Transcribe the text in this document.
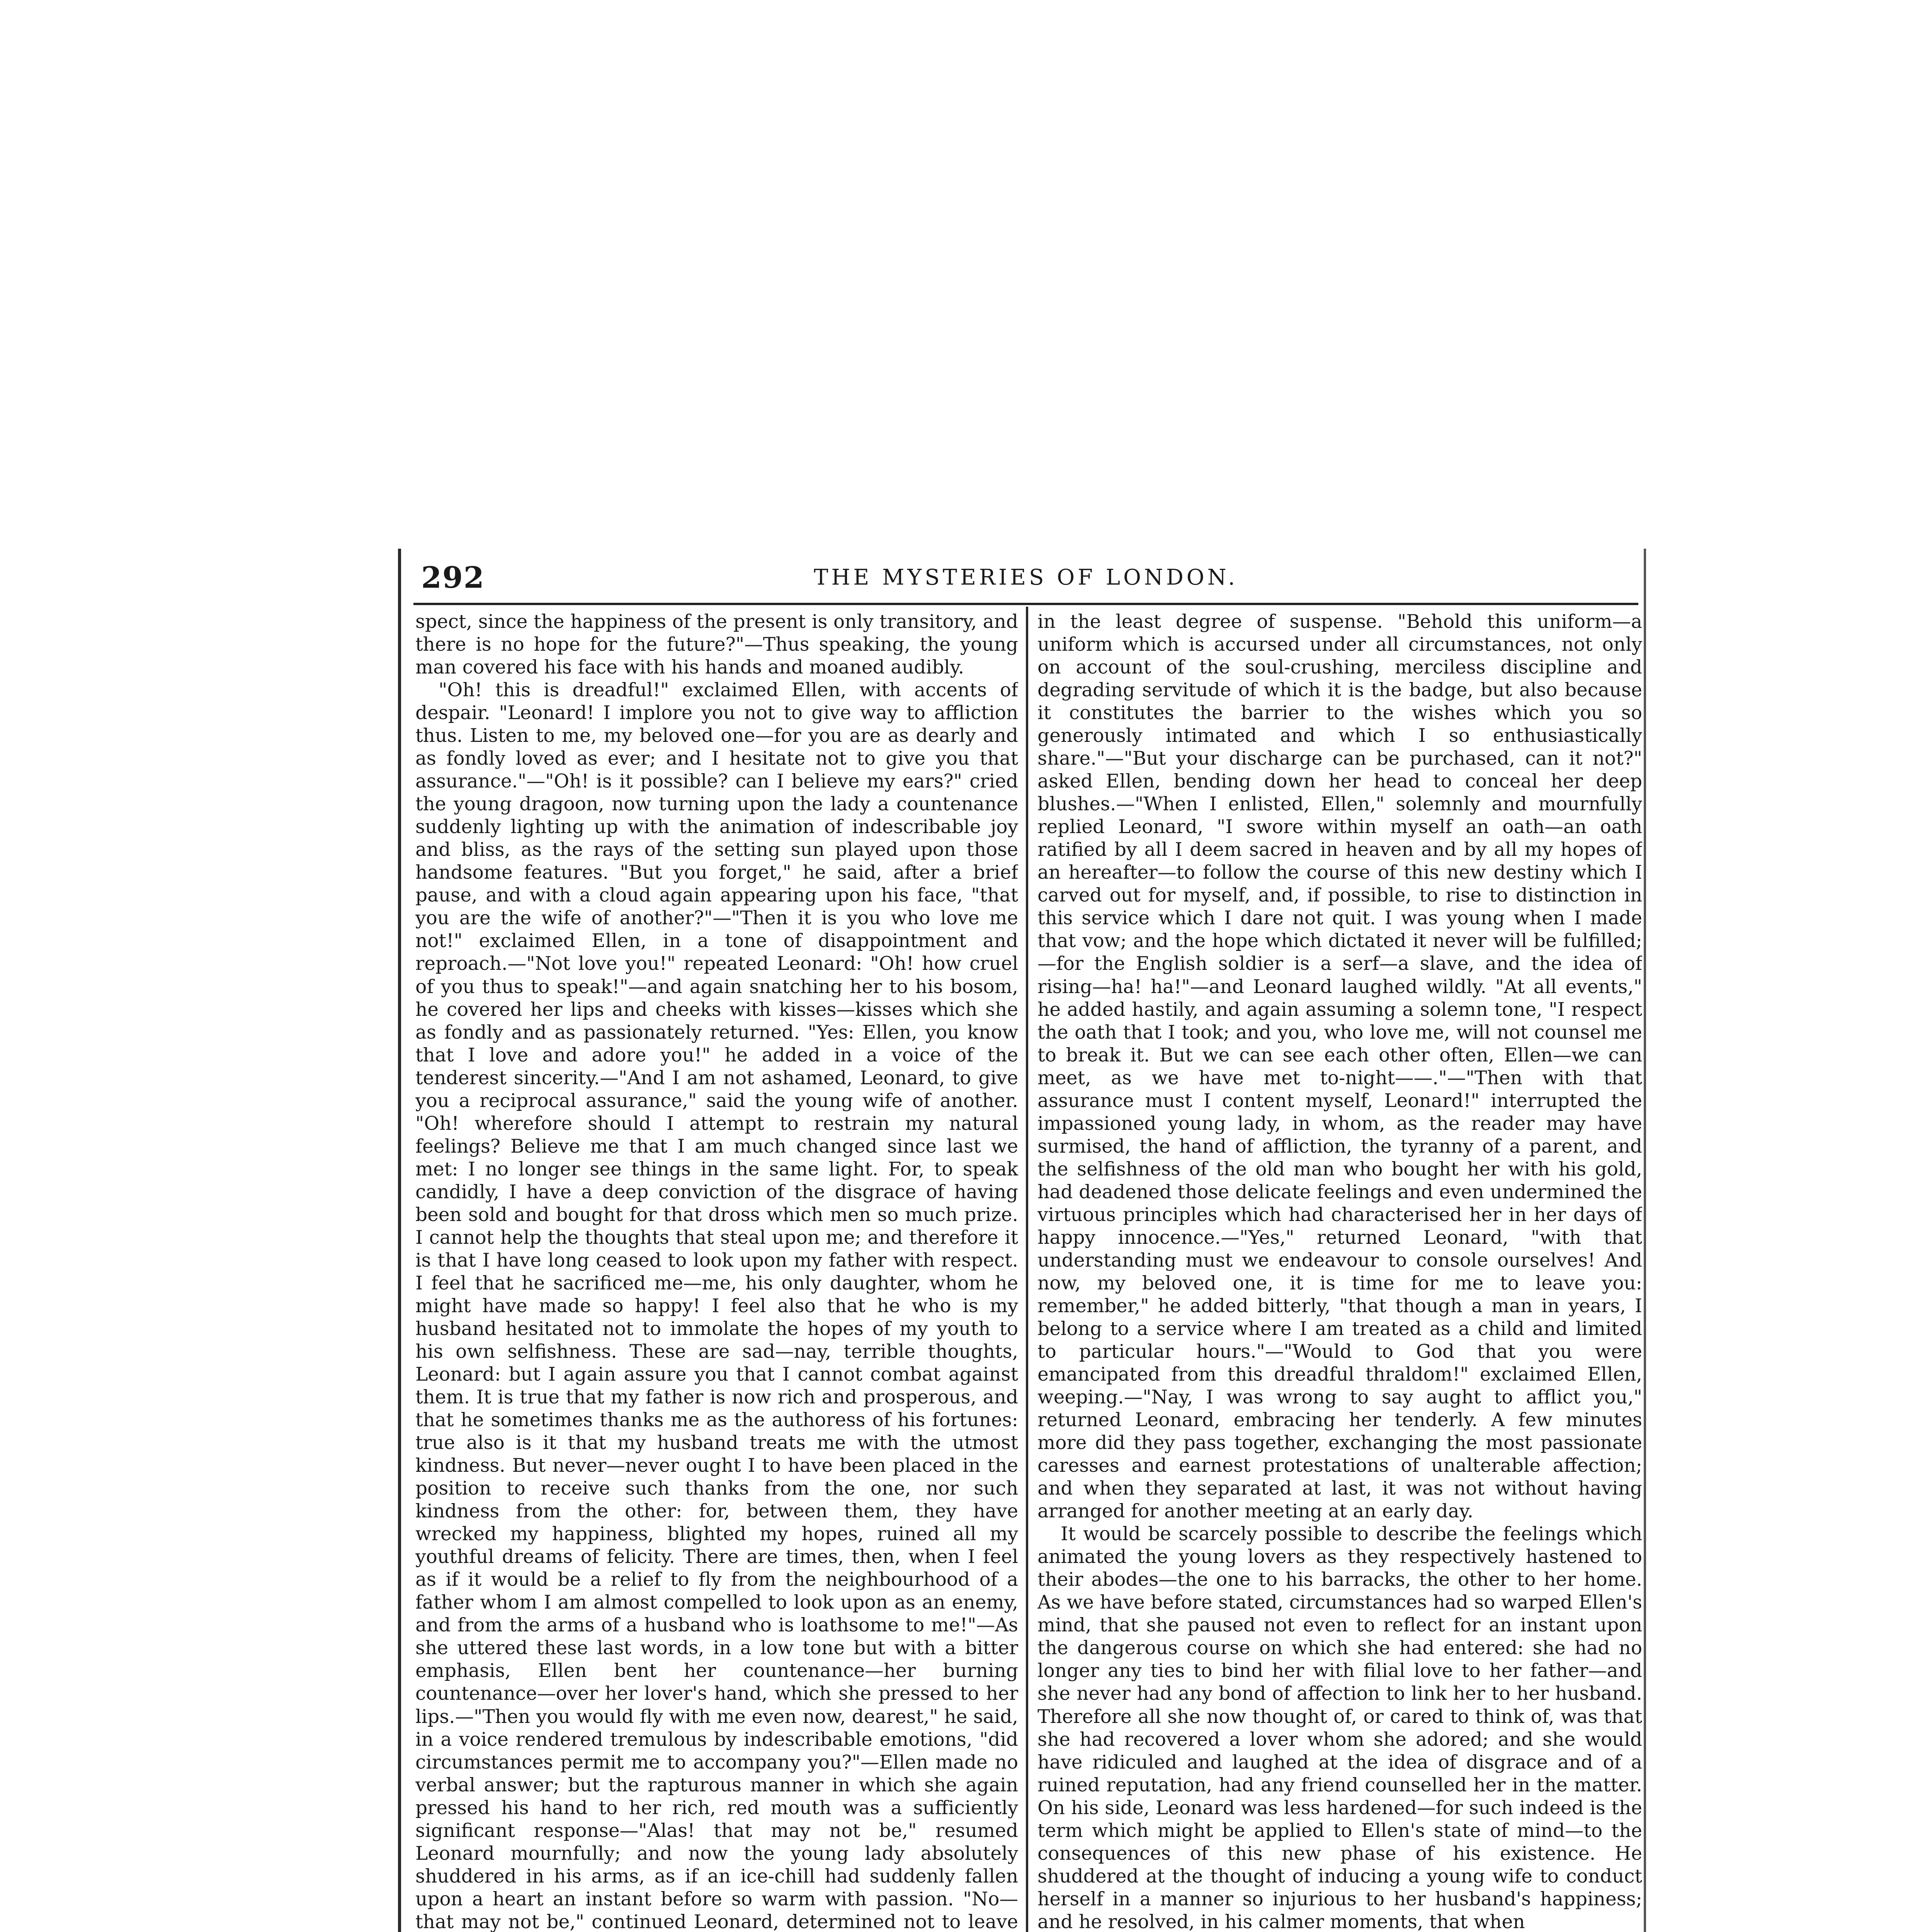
292	THE MYSTERIES OF LONDON.

spect, since the happiness of the present is only transitory, and there is no hope for the future?"—Thus speaking, the young man covered his face with his hands and moaned audibly.

"Oh! this is dreadful!" exclaimed Ellen, with accents of despair. "Leonard! I implore you not to give way to affliction thus. Listen to me, my beloved one—for you are as dearly and as fondly loved as ever; and I hesitate not to give you that assurance."—"Oh! is it possible? can I believe my ears?" cried the young dragoon, now turning upon the lady a countenance suddenly lighting up with the animation of indescribable joy and bliss, as the rays of the setting sun played upon those handsome features. "But you forget," he said, after a brief pause, and with a cloud again appearing upon his face, "that you are the wife of another?"—"Then it is you who love me not!" exclaimed Ellen, in a tone of disappointment and reproach.—"Not love you!" repeated Leonard: "Oh! how cruel of you thus to speak!"—and again snatching her to his bosom, he covered her lips and cheeks with kisses—kisses which she as fondly and as passionately returned. "Yes: Ellen, you know that I love and adore you!" he added in a voice of the tenderest sincerity.—"And I am not ashamed, Leonard, to give you a reciprocal assurance," said the young wife of another. "Oh! wherefore should I attempt to restrain my natural feelings? Believe me that I am much changed since last we met: I no longer see things in the same light. For, to speak candidly, I have a deep conviction of the disgrace of having been sold and bought for that dross which men so much prize. I cannot help the thoughts that steal upon me; and therefore it is that I have long ceased to look upon my father with respect. I feel that he sacrificed me—me, his only daughter, whom he might have made so happy! I feel also that he who is my husband hesitated not to immolate the hopes of my youth to his own selfishness. These are sad—nay, terrible thoughts, Leonard: but I again assure you that I cannot combat against them. It is true that my father is now rich and prosperous, and that he sometimes thanks me as the authoress of his fortunes: true also is it that my husband treats me with the utmost kindness. But never—never ought I to have been placed in the position to receive such thanks from the one, nor such kindness from the other: for, between them, they have wrecked my happiness, blighted my hopes, ruined all my youthful dreams of felicity. There are times, then, when I feel as if it would be a relief to fly from the neighbourhood of a father whom I am almost compelled to look upon as an enemy, and from the arms of a husband who is loathsome to me!"—As she uttered these last words, in a low tone but with a bitter emphasis, Ellen bent her countenance—her burning countenance—over her lover's hand, which she pressed to her lips.—"Then you would fly with me even now, dearest," he said, in a voice rendered tremulous by indescribable emotions, "did circumstances permit me to accompany you?"—Ellen made no verbal answer; but the rapturous manner in which she again pressed his hand to her rich, red mouth was a sufficiently significant response—"Alas! that may not be," resumed Leonard mournfully; and now the young lady absolutely shuddered in his arms, as if an ice-chill had suddenly fallen upon a heart an instant before so warm with passion. "No—that may not be," continued Leonard, determined not to leave

in the least degree of suspense. "Behold this uniform—a uniform which is accursed under all circumstances, not only on account of the soul-crushing, merciless discipline and degrading servitude of which it is the badge, but also because it constitutes the barrier to the wishes which you so generously intimated and which I so enthusiastically share."—"But your discharge can be purchased, can it not?" asked Ellen, bending down her head to conceal her deep blushes.—"When I enlisted, Ellen," solemnly and mournfully replied Leonard, "I swore within myself an oath—an oath ratified by all I deem sacred in heaven and by all my hopes of an hereafter—to follow the course of this new destiny which I carved out for myself, and, if possible, to rise to distinction in this service which I dare not quit. I was young when I made that vow; and the hope which dictated it never will be fulfilled;—for the English soldier is a serf—a slave, and the idea of rising—ha! ha!"—and Leonard laughed wildly. "At all events," he added hastily, and again assuming a solemn tone, "I respect the oath that I took; and you, who love me, will not counsel me to break it. But we can see each other often, Ellen—we can meet, as we have met to-night——."—"Then with that assurance must I content myself, Leonard!" interrupted the impassioned young lady, in whom, as the reader may have surmised, the hand of affliction, the tyranny of a parent, and the selfishness of the old man who bought her with his gold, had deadened those delicate feelings and even undermined the virtuous principles which had characterised her in her days of happy innocence.—"Yes," returned Leonard, "with that understanding must we endeavour to console ourselves! And now, my beloved one, it is time for me to leave you: remember," he added bitterly, "that though a man in years, I belong to a service where I am treated as a child and limited to particular hours."—"Would to God that you were emancipated from this dreadful thraldom!" exclaimed Ellen, weeping.—"Nay, I was wrong to say aught to afflict you," returned Leonard, embracing her tenderly. A few minutes more did they pass together, exchanging the most passionate caresses and earnest protestations of unalterable affection; and when they separated at last, it was not without having arranged for another meeting at an early day.

It would be scarcely possible to describe the feelings which animated the young lovers as they respectively hastened to their abodes—the one to his barracks, the other to her home. As we have before stated, circumstances had so warped Ellen's mind, that she paused not even to reflect for an instant upon the dangerous course on which she had entered: she had no longer any ties to bind her with filial love to her father—and she never had any bond of affection to link her to her husband. Therefore all she now thought of, or cared to think of, was that she had recovered a lover whom she adored; and she would have ridiculed and laughed at the idea of disgrace and of a ruined reputation, had any friend counselled her in the matter. On his side, Leonard was less hardened—for such indeed is the term which might be applied to Ellen's state of mind—to the consequences of this new phase of his existence. He shuddered at the thought of inducing a young wife to conduct herself in a manner so injurious to her husband's happiness; and he resolved, in his calmer moments, that when
